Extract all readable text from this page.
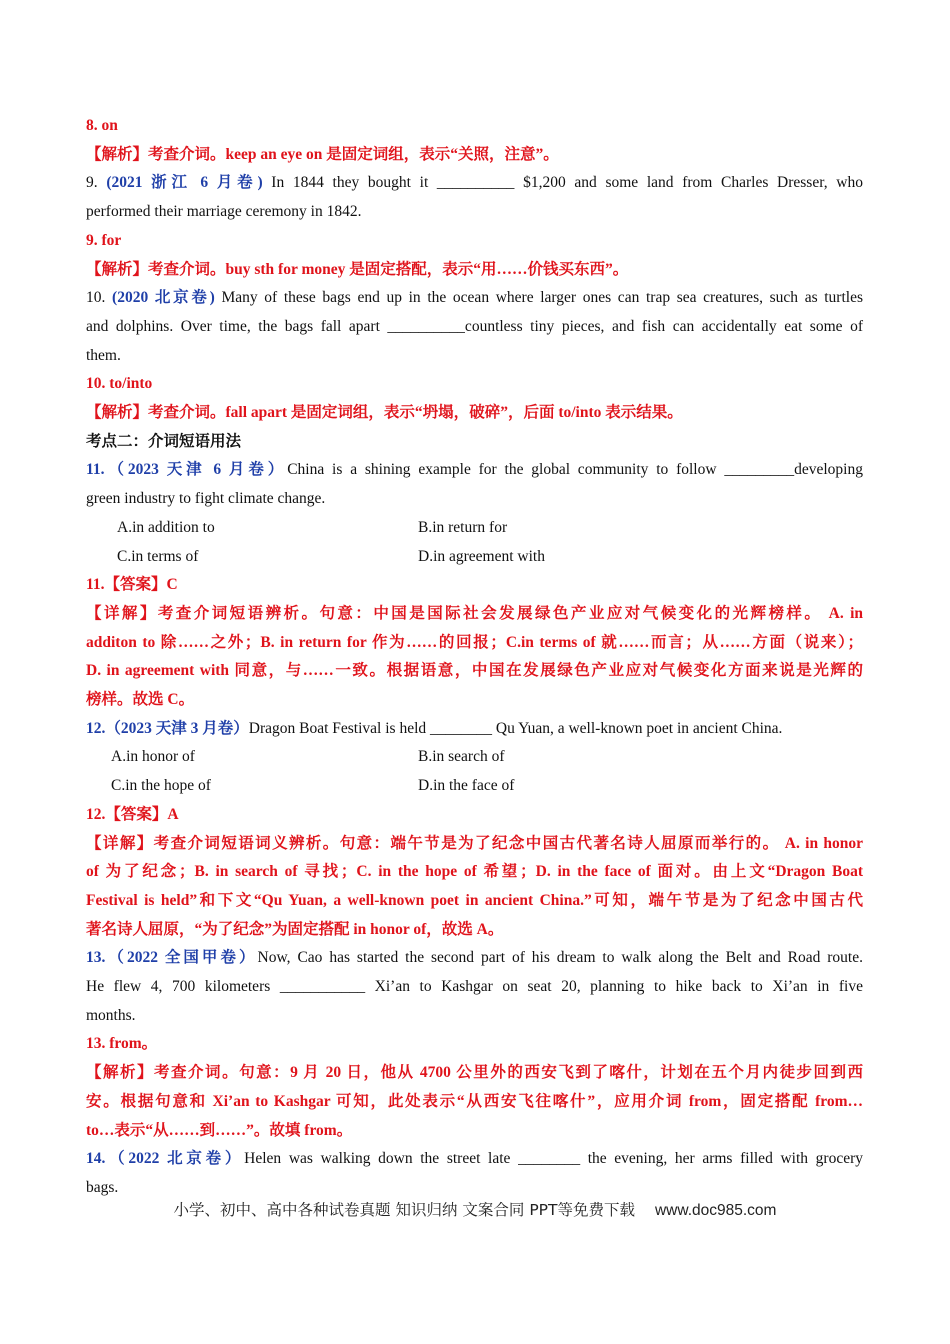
8. on
【解析】考查介词。keep an eye on 是固定词组，表示“关照，注意”。
9. (2021 浙江 6 月卷) In 1844 they bought it __________ $1,200 and some land from Charles Dresser, who
performed their marriage ceremony in 1842.
9. for
【解析】考查介词。buy sth for money 是固定搭配，表示“用……价钱买东西”。
10. (2020 北京卷) Many of these bags end up in the ocean where larger ones can trap sea creatures, such as turtles
and dolphins. Over time, the bags fall apart __________countless tiny pieces, and fish can accidentally eat some of
them.
10. to/into
【解析】考查介词。fall apart 是固定词组，表示“坍塌，破碎”，后面 to/into 表示结果。
考点二：介词短语用法
11.（2023 天津 6 月卷）China is a shining example for the global community to follow _________developing
green industry to fight climate change.
A.in addition to	B.in return for
C.in terms of	D.in agreement with
11.【答案】C
【详解】考查介词短语辨析。句意：中国是国际社会发展绿色产业应对气候变化的光辉榜样。 A. in
additon to 除……之外；B. in return for 作为……的回报；C.in terms of 就……而言；从……方面（说来）；
D. in agreement with 同意，与……一致。根据语意，中国在发展绿色产业应对气候变化方面来说是光辉的
榜样。故选 C。
12.（2023 天津 3 月卷）Dragon Boat Festival is held ________ Qu Yuan, a well-known poet in ancient China.
A.in honor of	B.in search of
C.in the hope of	D.in the face of
12.【答案】A
【详解】考查介词短语词义辨析。句意：端午节是为了纪念中国古代著名诗人屈原而举行的。 A. in honor
of 为了纪念；B. in search of 寻找；C. in the hope of 希望；D. in the face of 面对。由上文“Dragon Boat
Festival is held”和下文“Qu Yuan, a well-known poet in ancient China.”可知，端午节是为了纪念中国古代
著名诗人屈原，“为了纪念”为固定搭配 in honor of，故选 A。
13.（2022 全国甲卷）Now, Cao has started the second part of his dream to walk along the Belt and Road route.
He flew 4, 700 kilometers ___________ Xi’an to Kashgar on seat 20, planning to hike back to Xi’an in five
months.
13. from。
【解析】考查介词。句意：9 月 20 日，他从 4700 公里外的西安飞到了喀什，计划在五个月内徒步回到西
安。根据句意和 Xi’an to Kashgar 可知，此处表示“从西安飞往喀什”，应用介词 from，固定搭配 from…
to…表示“从……到……”。故填 from。
14.（2022 北京卷）Helen was walking down the street late ________ the evening, her arms filled with grocery
bags.
小学、初中、高中各种试卷真题 知识归纳 文案合同 PPT等免费下载 www.doc985.com
